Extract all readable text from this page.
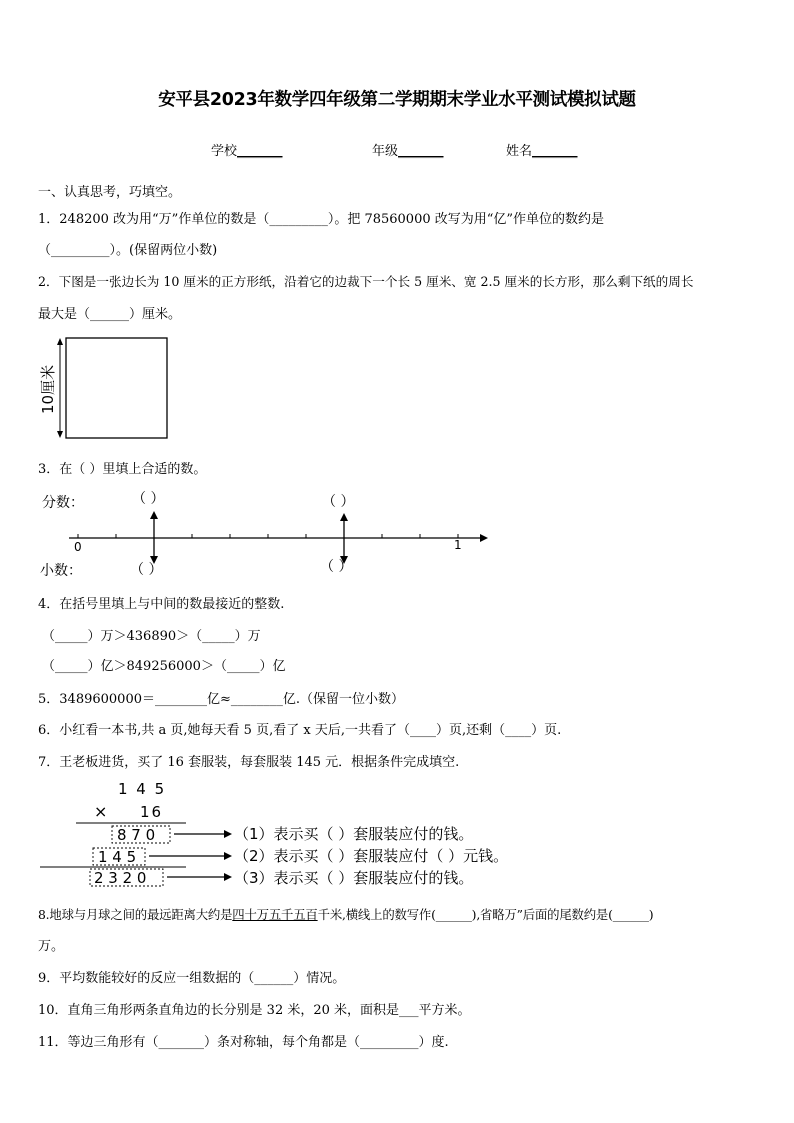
安平县2023年数学四年级第二学期期末学业水平测试模拟试题
学校_______	年级_______	姓名_______
一、认真思考，巧填空。
1．248200 改为用“万”作单位的数是（_________）。把 78560000 改写为用“亿”作单位的数约是
（_________）。(保留两位小数)
2．下图是一张边长为 10 厘米的正方形纸，沿着它的边裁下一个长 5 厘米、宽 2.5 厘米的长方形，那么剩下纸的周长
最大是（______）厘米。
10厘米
3．在（ ）里填上合适的数。
分数：
小数：
0	1
（ ）
（ ）
（ ）
（ ）
4．在括号里填上与中间的数最接近的整数.
（_____）万＞436890＞（_____）万
（_____）亿＞849256000＞（_____）亿
5．3489600000＝________亿≈________亿.（保留一位小数）
6．小红看一本书,共 a 页,她每天看 5 页,看了 x 天后,一共看了（____）页,还剩（____）页.
7．王老板进货，买了 16 套服装，每套服装 145 元．根据条件完成填空.
1 4 5
× 16
8 7 0
1 4 5
2 3 2 0
（1）表示买（ ）套服装应付的钱。
（2）表示买（ ）套服装应付（ ）元钱。
（3）表示买（ ）套服装应付的钱。
8.地球与月球之间的最远距离大约是四十万五千五百千米,横线上的数写作(______),省略万”后面的尾数约是(______)
万。
9．平均数能较好的反应一组数据的（______）情况。
10．直角三角形两条直角边的长分别是 32 米，20 米，面积是___平方米。
11．等边三角形有（_______）条对称轴，每个角都是（_________）度.
